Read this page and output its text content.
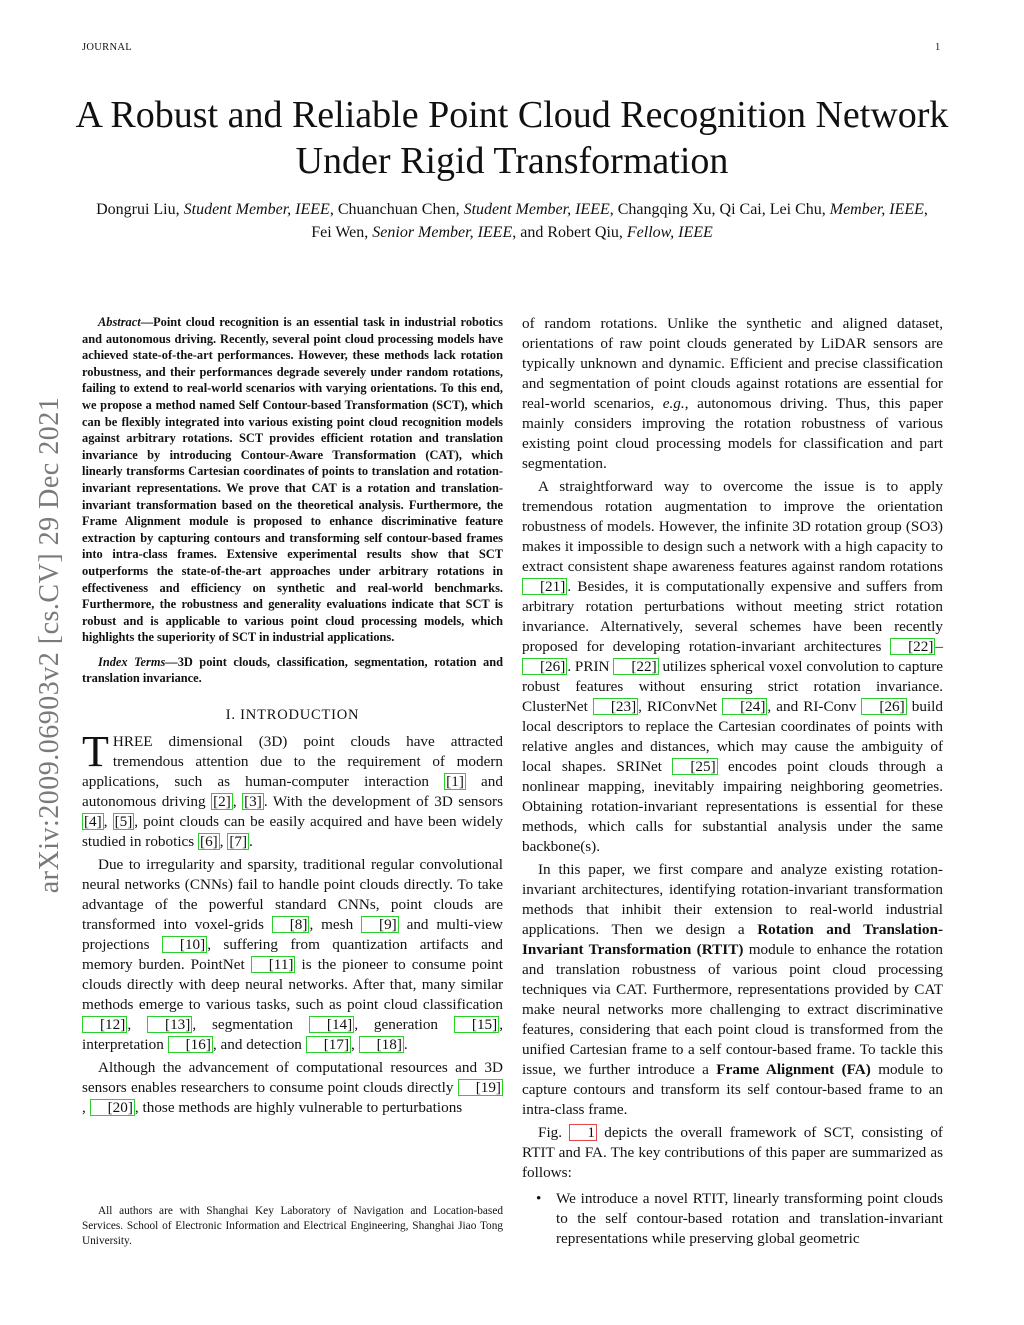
JOURNAL	1
A Robust and Reliable Point Cloud Recognition Network Under Rigid Transformation
Dongrui Liu, Student Member, IEEE, Chuanchuan Chen, Student Member, IEEE, Changqing Xu, Qi Cai, Lei Chu, Member, IEEE, Fei Wen, Senior Member, IEEE, and Robert Qiu, Fellow, IEEE
arXiv:2009.06903v2 [cs.CV] 29 Dec 2021

Abstract—Point cloud recognition is an essential task in industrial robotics and autonomous driving. Recently, several point cloud processing models have achieved state-of-the-art performances. However, these methods lack rotation robustness, and their performances degrade severely under random rotations, failing to extend to real-world scenarios with varying orientations. To this end, we propose a method named Self Contour-based Transformation (SCT), which can be flexibly integrated into various existing point cloud recognition models against arbitrary rotations. SCT provides efficient rotation and translation invariance by introducing Contour-Aware Transformation (CAT), which linearly transforms Cartesian coordinates of points to translation and rotation-invariant representations. We prove that CAT is a rotation and translation-invariant transformation based on the theoretical analysis. Furthermore, the Frame Alignment module is proposed to enhance discriminative feature extraction by capturing contours and transforming self contour-based frames into intra-class frames. Extensive experimental results show that SCT outperforms the state-of-the-art approaches under arbitrary rotations in effectiveness and efficiency on synthetic and real-world benchmarks. Furthermore, the robustness and generality evaluations indicate that SCT is robust and is applicable to various point cloud processing models, which highlights the superiority of SCT in industrial applications.

Index Terms—3D point clouds, classification, segmentation, rotation and translation invariance.

I. INTRODUCTION

THREE dimensional (3D) point clouds have attracted tremendous attention due to the requirement of modern applications, such as human-computer interaction [1] and autonomous driving [2] , [3] . With the development of 3D sensors [4] , [5] , point clouds can be easily acquired and have been widely studied in robotics [6] , [7] .

Due to irregularity and sparsity, traditional regular convolutional neural networks (CNNs) fail to handle point clouds directly. To take advantage of the powerful standard CNNs, point clouds are transformed into voxel-grids [8] , mesh [9] and multi-view projections [10] , suffering from quantization artifacts and memory burden. PointNet [11] is the pioneer to consume point clouds directly with deep neural networks. After that, many similar methods emerge to various tasks, such as point cloud classification [12] , [13] , segmentation [14] , generation [15] , interpretation [16] , and detection [17] , [18] .

Although the advancement of computational resources and 3D sensors enables researchers to consume point clouds directly [19], [20] , those methods are highly vulnerable to perturbations

All authors are with Shanghai Key Laboratory of Navigation and Location-based Services. School of Electronic Information and Electrical Engineering, Shanghai Jiao Tong University.

of random rotations. Unlike the synthetic and aligned dataset, orientations of raw point clouds generated by LiDAR sensors are typically unknown and dynamic. Efficient and precise classification and segmentation of point clouds against rotations are essential for real-world scenarios, e.g., autonomous driving. Thus, this paper mainly considers improving the rotation robustness of various existing point cloud processing models for classification and part segmentation.

A straightforward way to overcome the issue is to apply tremendous rotation augmentation to improve the orientation robustness of models. However, the infinite 3D rotation group (SO3) makes it impossible to design such a network with a high capacity to extract consistent shape awareness features against random rotations [21] . Besides, it is computationally expensive and suffers from arbitrary rotation perturbations without meeting strict rotation invariance. Alternatively, several schemes have been recently proposed for developing rotation-invariant architectures [22] –[26] . PRIN [22] utilizes spherical voxel convolution to capture robust features without ensuring strict rotation invariance. ClusterNet [23] , RIConvNet [24] , and RI-Conv [26] build local descriptors to replace the Cartesian coordinates of points with relative angles and distances, which may cause the ambiguity of local shapes. SRINet [25] encodes point clouds through a nonlinear mapping, inevitably impairing neighboring geometries. Obtaining rotation-invariant representations is essential for these methods, which calls for substantial analysis under the same backbone(s).

In this paper, we first compare and analyze existing rotation-invariant architectures, identifying rotation-invariant transformation methods that inhibit their extension to real-world industrial applications. Then we design a Rotation and Translation-Invariant Transformation (RTIT) module to enhance the rotation and translation robustness of various point cloud processing techniques via CAT. Furthermore, representations provided by CAT make neural networks more challenging to extract discriminative features, considering that each point cloud is transformed from the unified Cartesian frame to a self contour-based frame. To tackle this issue, we further introduce a Frame Alignment (FA) module to capture contours and transform its self contour-based frame to an intra-class frame.

Fig. 1 depicts the overall framework of SCT, consisting of RTIT and FA. The key contributions of this paper are summarized as follows:

• We introduce a novel RTIT, linearly transforming point clouds to the self contour-based rotation and translation-invariant representations while preserving global geometric
